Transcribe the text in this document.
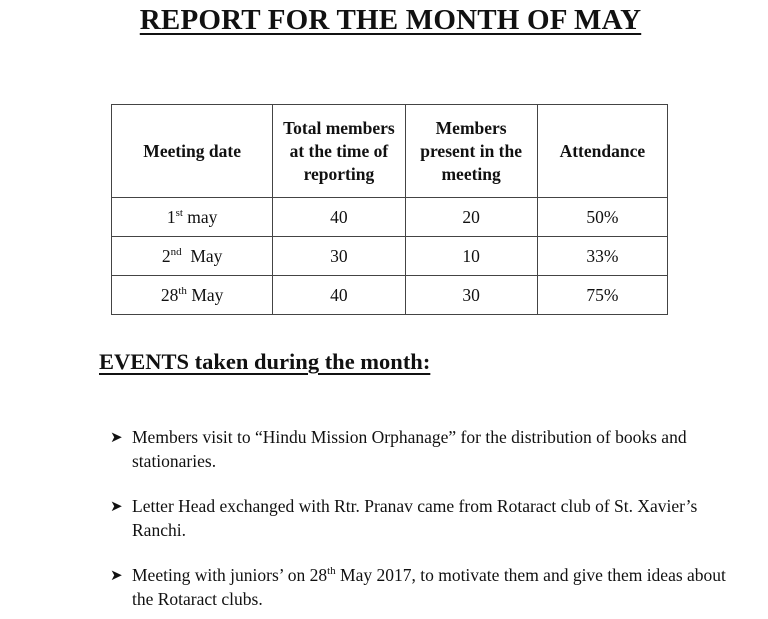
REPORT FOR THE MONTH OF MAY
Meeting date	Total members at the time of reporting	Members present in the meeting	Attendance
1st may	40	20	50%
2nd  May	30	10	33%
28th May	40	30	75%
EVENTS taken during the month:
➤ Members visit to “Hindu Mission Orphanage” for the distribution of books and stationaries.
➤ Letter Head exchanged with Rtr. Pranav came from Rotaract club of St. Xavier’s Ranchi.
➤ Meeting with juniors’ on 28th May 2017, to motivate them and give them ideas about the Rotaract clubs.
